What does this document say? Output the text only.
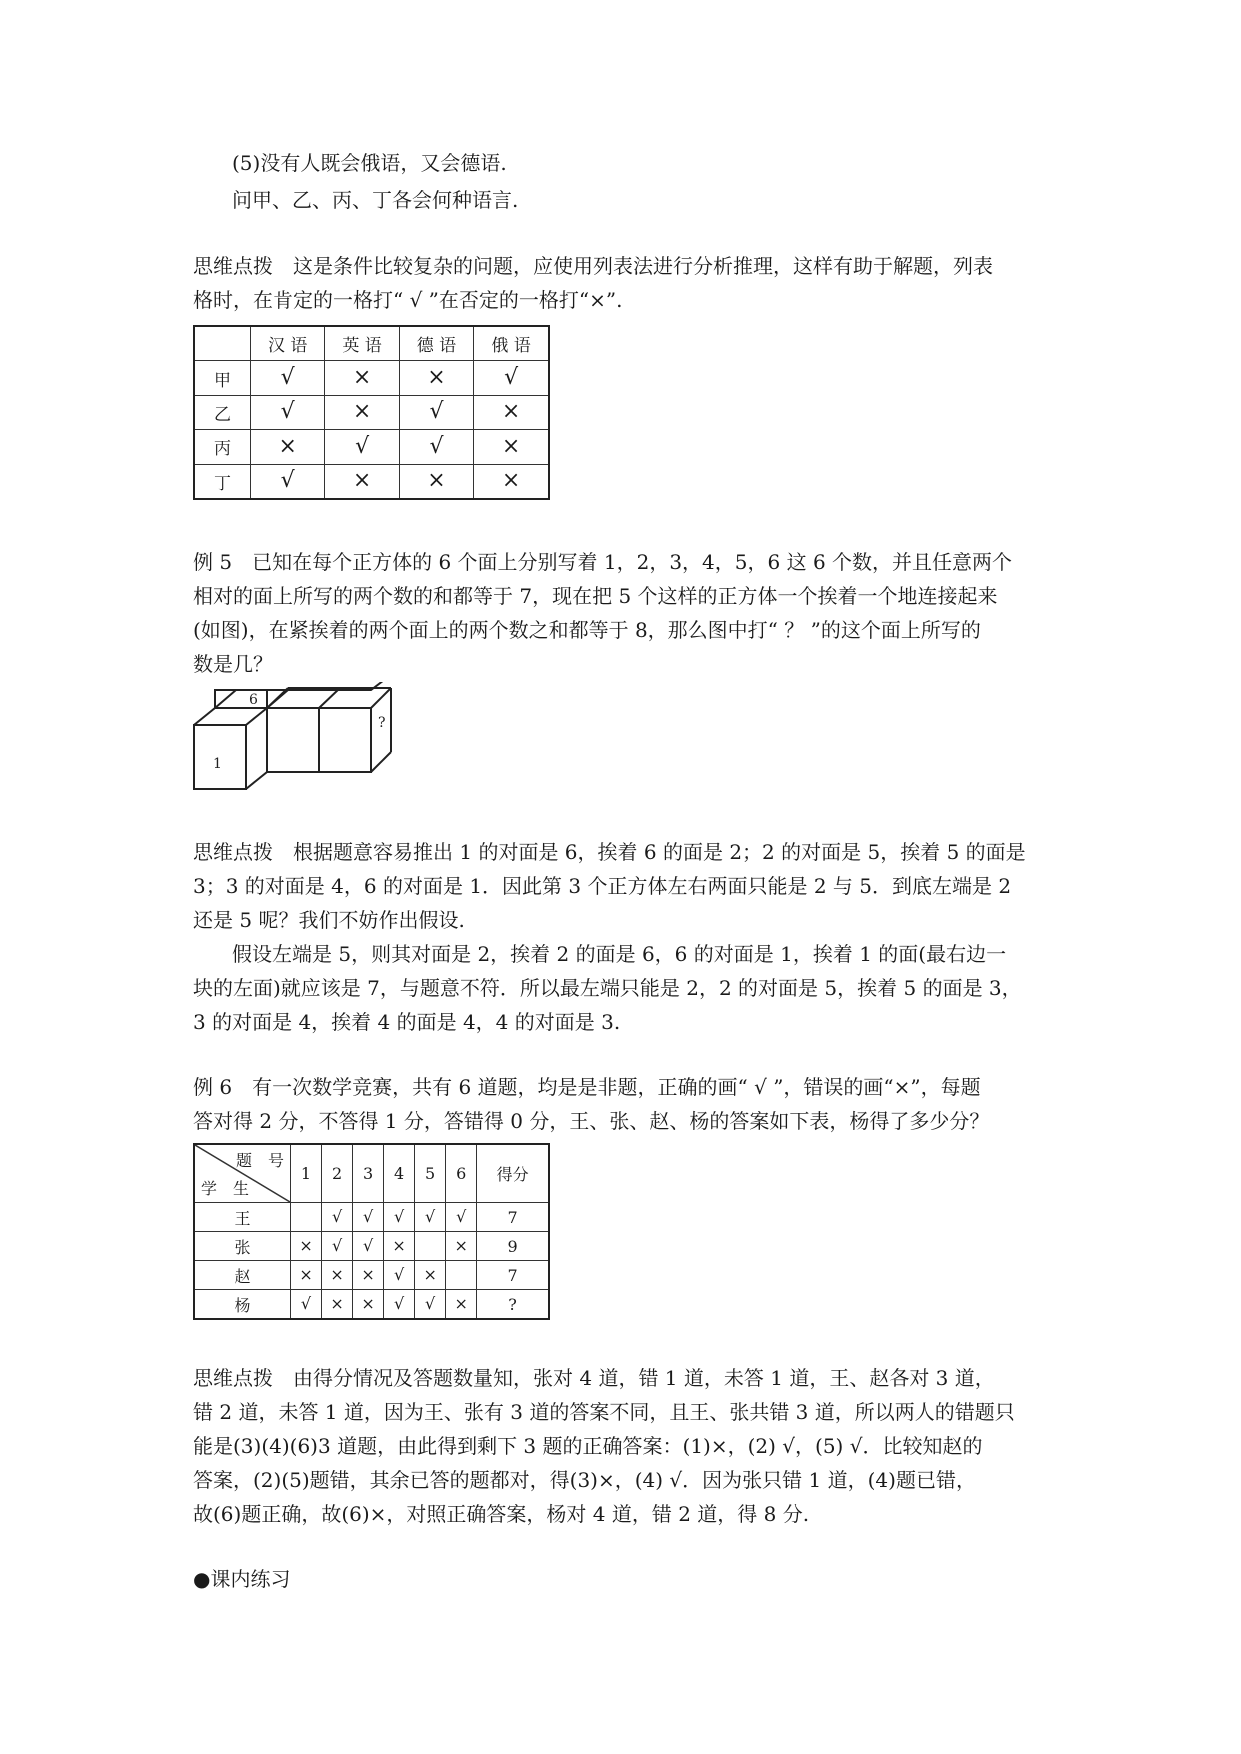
(5)没有人既会俄语，又会德语.
问甲、乙、丙、丁各会何种语言.
思维点拨　这是条件比较复杂的问题，应使用列表法进行分析推理，这样有助于解题，列表
格时，在肯定的一格打“ √ ”在否定的一格打“×”.
	汉 语	英 语	德 语	俄 语
甲	√	×	×	√
乙	√	×	√	×
丙	×	√	√	×
丁	√	×	×	×
例 5　已知在每个正方体的 6 个面上分别写着 1，2，3，4，5，6 这 6 个数，并且任意两个
相对的面上所写的两个数的和都等于 7，现在把 5 个这样的正方体一个挨着一个地连接起来
(如图)，在紧挨着的两个面上的两个数之和都等于 8，那么图中打“ ？ ”的这个面上所写的
数是几？
6
?
1
思维点拨　根据题意容易推出 1 的对面是 6，挨着 6 的面是 2；2 的对面是 5，挨着 5 的面是
3；3 的对面是 4，6 的对面是 1．因此第 3 个正方体左右两面只能是 2 与 5．到底左端是 2
还是 5 呢？我们不妨作出假设.
假设左端是 5，则其对面是 2，挨着 2 的面是 6，6 的对面是 1，挨着 1 的面(最右边一
块的左面)就应该是 7，与题意不符．所以最左端只能是 2，2 的对面是 5，挨着 5 的面是 3，
3 的对面是 4，挨着 4 的面是 4，4 的对面是 3.
例 6　有一次数学竞赛，共有 6 道题，均是是非题，正确的画“ √ ”，错误的画“×”，每题
答对得 2 分，不答得 1 分，答错得 0 分，王、张、赵、杨的答案如下表，杨得了多少分？
题　号
学　生	1	2	3	4	5	6	得分
王		√	√	√	√	√	7
张	×	√	√	×		×	9
赵	×	×	×	√	×		7
杨	√	×	×	√	√	×	?
思维点拨　由得分情况及答题数量知，张对 4 道，错 1 道，未答 1 道，王、赵各对 3 道，
错 2 道，未答 1 道，因为王、张有 3 道的答案不同，且王、张共错 3 道，所以两人的错题只
能是(3)(4)(6)3 道题，由此得到剩下 3 题的正确答案：(1)×，(2) √，(5) √．比较知赵的
答案，(2)(5)题错，其余已答的题都对，得(3)×，(4) √．因为张只错 1 道，(4)题已错，
故(6)题正确，故(6)×，对照正确答案，杨对 4 道，错 2 道，得 8 分.
●课内练习
